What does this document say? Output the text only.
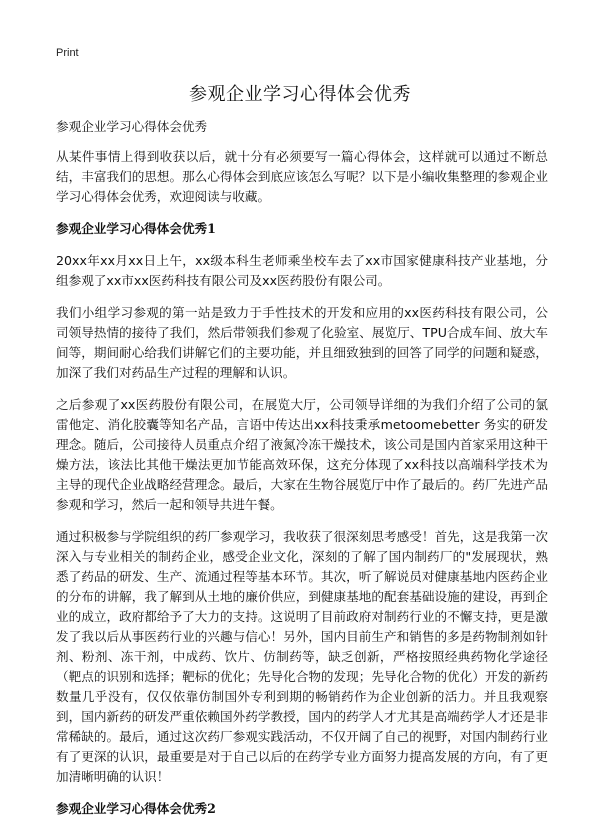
Print
参观企业学习心得体会优秀

参观企业学习心得体会优秀

从某件事情上得到收获以后，就十分有必须要写一篇心得体会，这样就可以通过不断总结，丰富我们的思想。那么心得体会到底应该怎么写呢？以下是小编收集整理的参观企业学习心得体会优秀，欢迎阅读与收藏。

参观企业学习心得体会优秀1

20xx年xx月xx日上午，xx级本科生老师乘坐校车去了xx市国家健康科技产业基地，分组参观了xx市xx医药科技有限公司及xx医药股份有限公司。

我们小组学习参观的第一站是致力于手性技术的开发和应用的xx医药科技有限公司，公司领导热情的接待了我们，然后带领我们参观了化验室、展览厅、TPU合成车间、放大车间等，期间耐心给我们讲解它们的主要功能，并且细致独到的回答了同学的问题和疑惑，加深了我们对药品生产过程的理解和认识。

之后参观了xx医药股份有限公司，在展览大厅，公司领导详细的为我们介绍了公司的氯雷他定、消化胶囊等知名产品，言语中传达出xx科技秉承metoomebetter 务实的研发理念。随后，公司接待人员重点介绍了液氮冷冻干燥技术，该公司是国内首家采用这种干燥方法，该法比其他干燥法更加节能高效环保，这充分体现了xx科技以高端科学技术为主导的现代企业战略经营理念。最后，大家在生物谷展览厅中作了最后的。药厂先进产品参观和学习，然后一起和领导共进午餐。

通过积极参与学院组织的药厂参观学习，我收获了很深刻思考感受！首先，这是我第一次深入与专业相关的制药企业，感受企业文化，深刻的了解了国内制药厂的"发展现状，熟悉了药品的研发、生产、流通过程等基本环节。其次，听了解说员对健康基地内医药企业的分布的讲解，我了解到从土地的廉价供应，到健康基地的配套基础设施的建设，再到企业的成立，政府都给予了大力的支持。这说明了目前政府对制药行业的不懈支持，更是激发了我以后从事医药行业的兴趣与信心！另外，国内目前生产和销售的多是药物制剂如针剂、粉剂、冻干剂，中成药、饮片、仿制药等，缺乏创新，严格按照经典药物化学途径（靶点的识别和选择；靶标的优化；先导化合物的发现；先导化合物的优化）开发的新药数量几乎没有，仅仅依靠仿制国外专利到期的畅销药作为企业创新的活力。并且我观察到，国内新药的研发严重依赖国外药学教授，国内的药学人才尤其是高端药学人才还是非常稀缺的。最后，通过这次药厂参观实践活动，不仅开阔了自己的视野，对国内制药行业有了更深的认识，最重要是对于自己以后的在药学专业方面努力提高发展的方向，有了更加清晰明确的认识！

参观企业学习心得体会优秀2
